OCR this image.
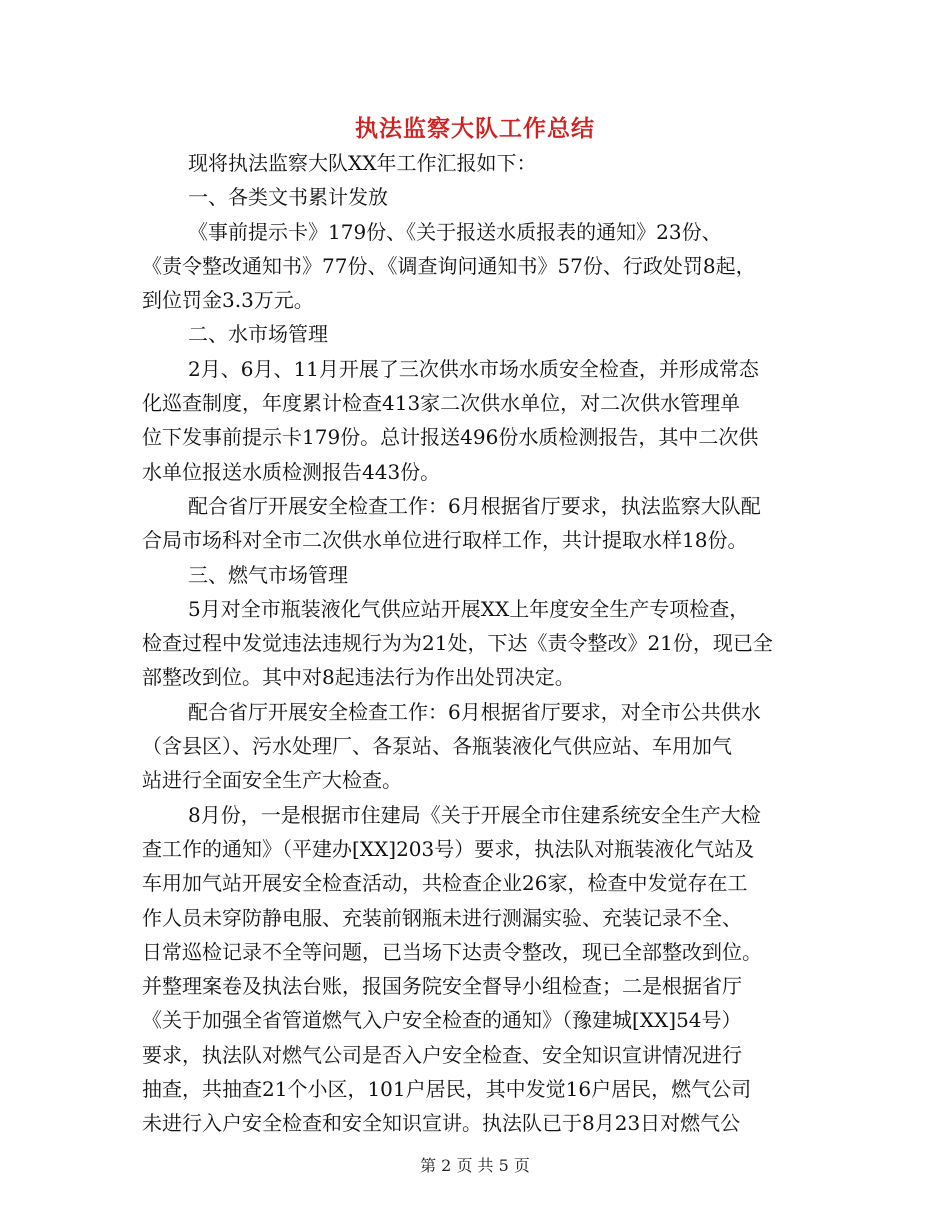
执法监察大队工作总结
现将执法监察大队XX年工作汇报如下：
一、各类文书累计发放
《事前提示卡》179份、《关于报送水质报表的通知》23份、
《责令整改通知书》77份、《调查询问通知书》57份、行政处罚8起，
到位罚金3.3万元。
二、水市场管理
2月、6月、11月开展了三次供水市场水质安全检查，并形成常态
化巡查制度，年度累计检查413家二次供水单位，对二次供水管理单
位下发事前提示卡179份。总计报送496份水质检测报告，其中二次供
水单位报送水质检测报告443份。
配合省厅开展安全检查工作：6月根据省厅要求，执法监察大队配
合局市场科对全市二次供水单位进行取样工作，共计提取水样18份。
三、燃气市场管理
5月对全市瓶装液化气供应站开展XX上年度安全生产专项检查，
检查过程中发觉违法违规行为为21处，下达《责令整改》21份，现已全
部整改到位。其中对8起违法行为作出处罚决定。
配合省厅开展安全检查工作：6月根据省厅要求，对全市公共供水
（含县区）、污水处理厂、各泵站、各瓶装液化气供应站、车用加气
站进行全面安全生产大检查。
8月份，一是根据市住建局《关于开展全市住建系统安全生产大检
查工作的通知》（平建办[XX]203号）要求，执法队对瓶装液化气站及
车用加气站开展安全检查活动，共检查企业26家，检查中发觉存在工
作人员未穿防静电服、充装前钢瓶未进行测漏实验、充装记录不全、
日常巡检记录不全等问题，已当场下达责令整改，现已全部整改到位。
并整理案卷及执法台账，报国务院安全督导小组检查；二是根据省厅
《关于加强全省管道燃气入户安全检查的通知》（豫建城[XX]54号）
要求，执法队对燃气公司是否入户安全检查、安全知识宣讲情况进行
抽查，共抽查21个小区，101户居民，其中发觉16户居民，燃气公司
未进行入户安全检查和安全知识宣讲。执法队已于8月23日对燃气公
第 2 页 共 5 页
